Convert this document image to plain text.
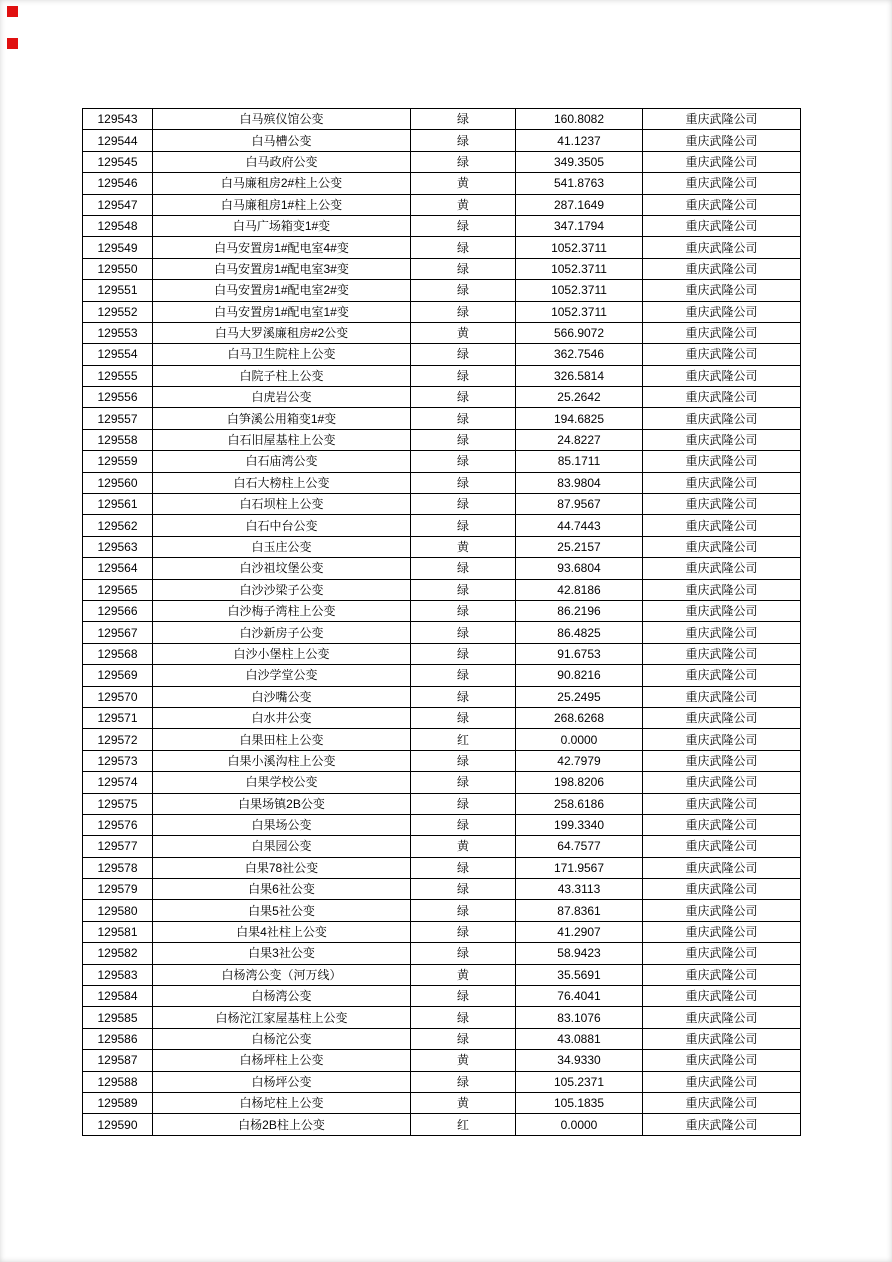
129543	白马殡仪馆公变	绿	160.8082	重庆武隆公司
129544	白马槽公变	绿	41.1237	重庆武隆公司
129545	白马政府公变	绿	349.3505	重庆武隆公司
129546	白马廉租房2#柱上公变	黄	541.8763	重庆武隆公司
129547	白马廉租房1#柱上公变	黄	287.1649	重庆武隆公司
129548	白马广场箱变1#变	绿	347.1794	重庆武隆公司
129549	白马安置房1#配电室4#变	绿	1052.3711	重庆武隆公司
129550	白马安置房1#配电室3#变	绿	1052.3711	重庆武隆公司
129551	白马安置房1#配电室2#变	绿	1052.3711	重庆武隆公司
129552	白马安置房1#配电室1#变	绿	1052.3711	重庆武隆公司
129553	白马大罗溪廉租房#2公变	黄	566.9072	重庆武隆公司
129554	白马卫生院柱上公变	绿	362.7546	重庆武隆公司
129555	白院子柱上公变	绿	326.5814	重庆武隆公司
129556	白虎岩公变	绿	25.2642	重庆武隆公司
129557	白笋溪公用箱变1#变	绿	194.6825	重庆武隆公司
129558	白石旧屋基柱上公变	绿	24.8227	重庆武隆公司
129559	白石庙湾公变	绿	85.1711	重庆武隆公司
129560	白石大榜柱上公变	绿	83.9804	重庆武隆公司
129561	白石坝柱上公变	绿	87.9567	重庆武隆公司
129562	白石中台公变	绿	44.7443	重庆武隆公司
129563	白玉庄公变	黄	25.2157	重庆武隆公司
129564	白沙祖坟堡公变	绿	93.6804	重庆武隆公司
129565	白沙沙梁子公变	绿	42.8186	重庆武隆公司
129566	白沙梅子湾柱上公变	绿	86.2196	重庆武隆公司
129567	白沙新房子公变	绿	86.4825	重庆武隆公司
129568	白沙小堡柱上公变	绿	91.6753	重庆武隆公司
129569	白沙学堂公变	绿	90.8216	重庆武隆公司
129570	白沙嘴公变	绿	25.2495	重庆武隆公司
129571	白水井公变	绿	268.6268	重庆武隆公司
129572	白果田柱上公变	红	0.0000	重庆武隆公司
129573	白果小溪沟柱上公变	绿	42.7979	重庆武隆公司
129574	白果学校公变	绿	198.8206	重庆武隆公司
129575	白果场镇2B公变	绿	258.6186	重庆武隆公司
129576	白果场公变	绿	199.3340	重庆武隆公司
129577	白果园公变	黄	64.7577	重庆武隆公司
129578	白果78社公变	绿	171.9567	重庆武隆公司
129579	白果6社公变	绿	43.3113	重庆武隆公司
129580	白果5社公变	绿	87.8361	重庆武隆公司
129581	白果4社柱上公变	绿	41.2907	重庆武隆公司
129582	白果3社公变	绿	58.9423	重庆武隆公司
129583	白杨湾公变（河万线）	黄	35.5691	重庆武隆公司
129584	白杨湾公变	绿	76.4041	重庆武隆公司
129585	白杨沱江家屋基柱上公变	绿	83.1076	重庆武隆公司
129586	白杨沱公变	绿	43.0881	重庆武隆公司
129587	白杨坪柱上公变	黄	34.9330	重庆武隆公司
129588	白杨坪公变	绿	105.2371	重庆武隆公司
129589	白杨坨柱上公变	黄	105.1835	重庆武隆公司
129590	白杨2B柱上公变	红	0.0000	重庆武隆公司
